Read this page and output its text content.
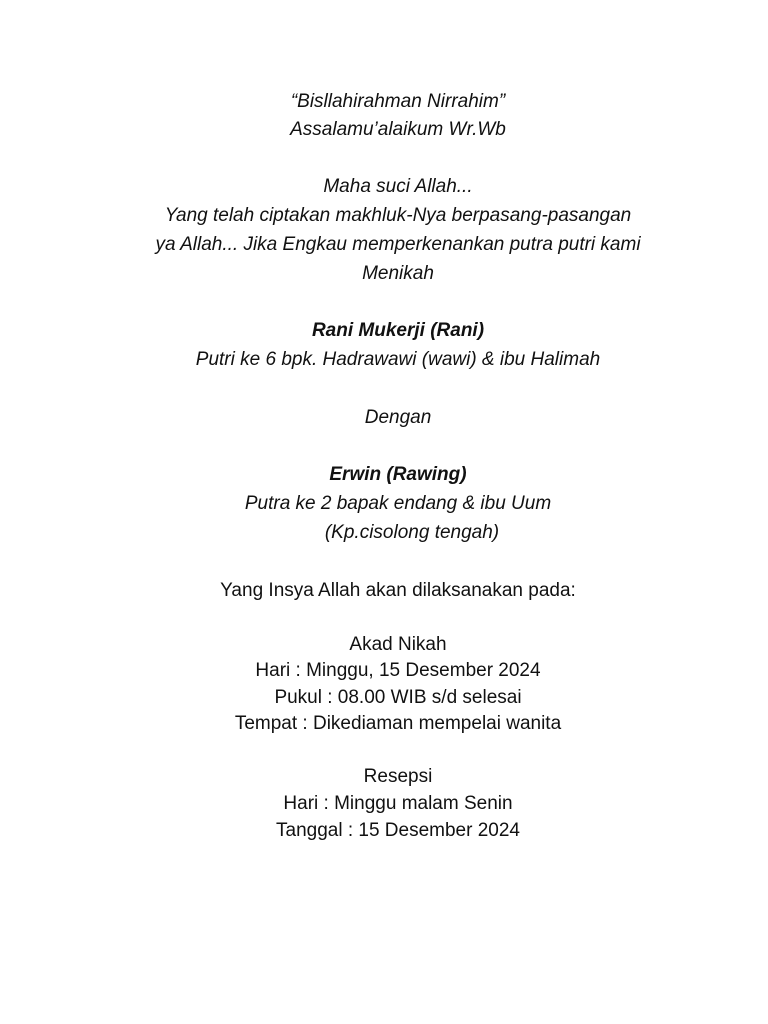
“Bisllahirahman Nirrahim”
Assalamu’alaikum Wr.Wb
Maha suci Allah...
Yang telah ciptakan makhluk-Nya berpasang-pasangan
ya Allah... Jika Engkau memperkenankan putra putri kami
Menikah
Rani Mukerji (Rani)
Putri ke 6 bpk. Hadrawawi (wawi) & ibu Halimah
Dengan
Erwin (Rawing)
Putra ke 2 bapak endang & ibu Uum
(Kp.cisolong tengah)
Yang Insya Allah akan dilaksanakan pada:
Akad Nikah
Hari : Minggu, 15 Desember 2024
Pukul : 08.00 WIB s/d selesai
Tempat : Dikediaman mempelai wanita
Resepsi
Hari : Minggu malam Senin
Tanggal : 15 Desember 2024
